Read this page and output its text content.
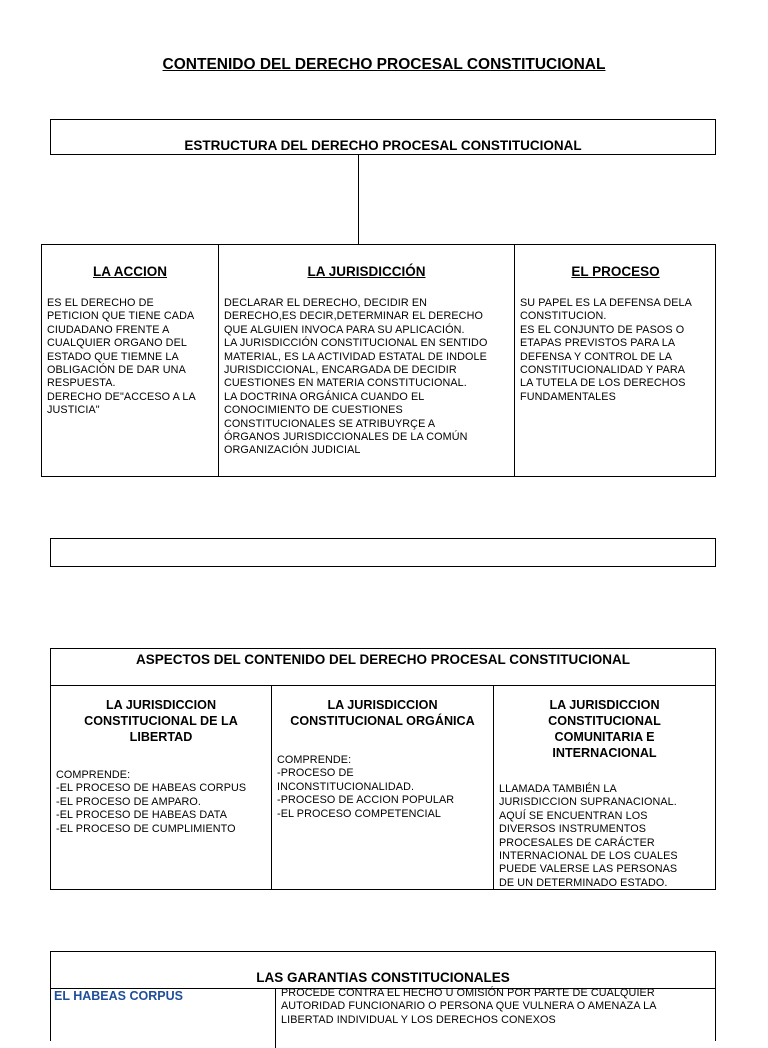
CONTENIDO DEL DERECHO PROCESAL CONSTITUCIONAL
ESTRUCTURA DEL DERECHO PROCESAL CONSTITUCIONAL
LA ACCION
ES EL DERECHO DE
PETICION QUE TIENE CADA
CIUDADANO FRENTE A
CUALQUIER ORGANO DEL
ESTADO QUE TIEMNE LA
OBLIGACIÓN DE DAR UNA
RESPUESTA.
DERECHO DE"ACCESO A LA
JUSTICIA"
LA JURISDICCIÓN
DECLARAR EL DERECHO, DECIDIR EN
DERECHO,ES DECIR,DETERMINAR EL DERECHO
QUE ALGUIEN INVOCA PARA SU APLICACIÓN.
LA JURISDICCIÓN CONSTITUCIONAL EN SENTIDO
MATERIAL, ES LA ACTIVIDAD ESTATAL DE INDOLE
JURISDICCIONAL, ENCARGADA DE DECIDIR
CUESTIONES EN MATERIA CONSTITUCIONAL.
LA DOCTRINA ORGÁNICA CUANDO EL
CONOCIMIENTO DE CUESTIONES
CONSTITUCIONALES SE ATRIBUYRÇE A
ÓRGANOS JURISDICCIONALES DE LA COMÚN
ORGANIZACIÓN JUDICIAL
EL PROCESO
SU PAPEL ES LA DEFENSA DELA
CONSTITUCION.
ES EL CONJUNTO DE PASOS O
ETAPAS PREVISTOS PARA LA
DEFENSA Y CONTROL DE LA
CONSTITUCIONALIDAD Y PARA
LA TUTELA DE LOS DERECHOS
FUNDAMENTALES
ASPECTOS DEL CONTENIDO DEL DERECHO PROCESAL CONSTITUCIONAL
LA JURISDICCION
CONSTITUCIONAL DE LA
LIBERTAD
COMPRENDE:
-EL PROCESO DE HABEAS CORPUS
-EL PROCESO DE AMPARO.
-EL PROCESO DE HABEAS DATA
-EL PROCESO DE CUMPLIMIENTO
LA JURISDICCION
CONSTITUCIONAL ORGÁNICA
COMPRENDE:
-PROCESO DE
INCONSTITUCIONALIDAD.
-PROCESO DE ACCION POPULAR
-EL PROCESO COMPETENCIAL
LA JURISDICCION
CONSTITUCIONAL
COMUNITARIA E
INTERNACIONAL
LLAMADA TAMBIÉN LA
JURISDICCION SUPRANACIONAL.
AQUÍ SE ENCUENTRAN LOS
DIVERSOS INSTRUMENTOS
PROCESALES DE CARÁCTER
INTERNACIONAL DE LOS CUALES
PUEDE VALERSE LAS PERSONAS
DE UN DETERMINADO ESTADO.
LAS GARANTIAS CONSTITUCIONALES
EL HABEAS CORPUS	PROCEDE CONTRA EL HECHO U OMISIÓN POR PARTE DE CUALQUIER
AUTORIDAD FUNCIONARIO O PERSONA QUE VULNERA O AMENAZA LA
LIBERTAD INDIVIDUAL Y LOS DERECHOS CONEXOS
